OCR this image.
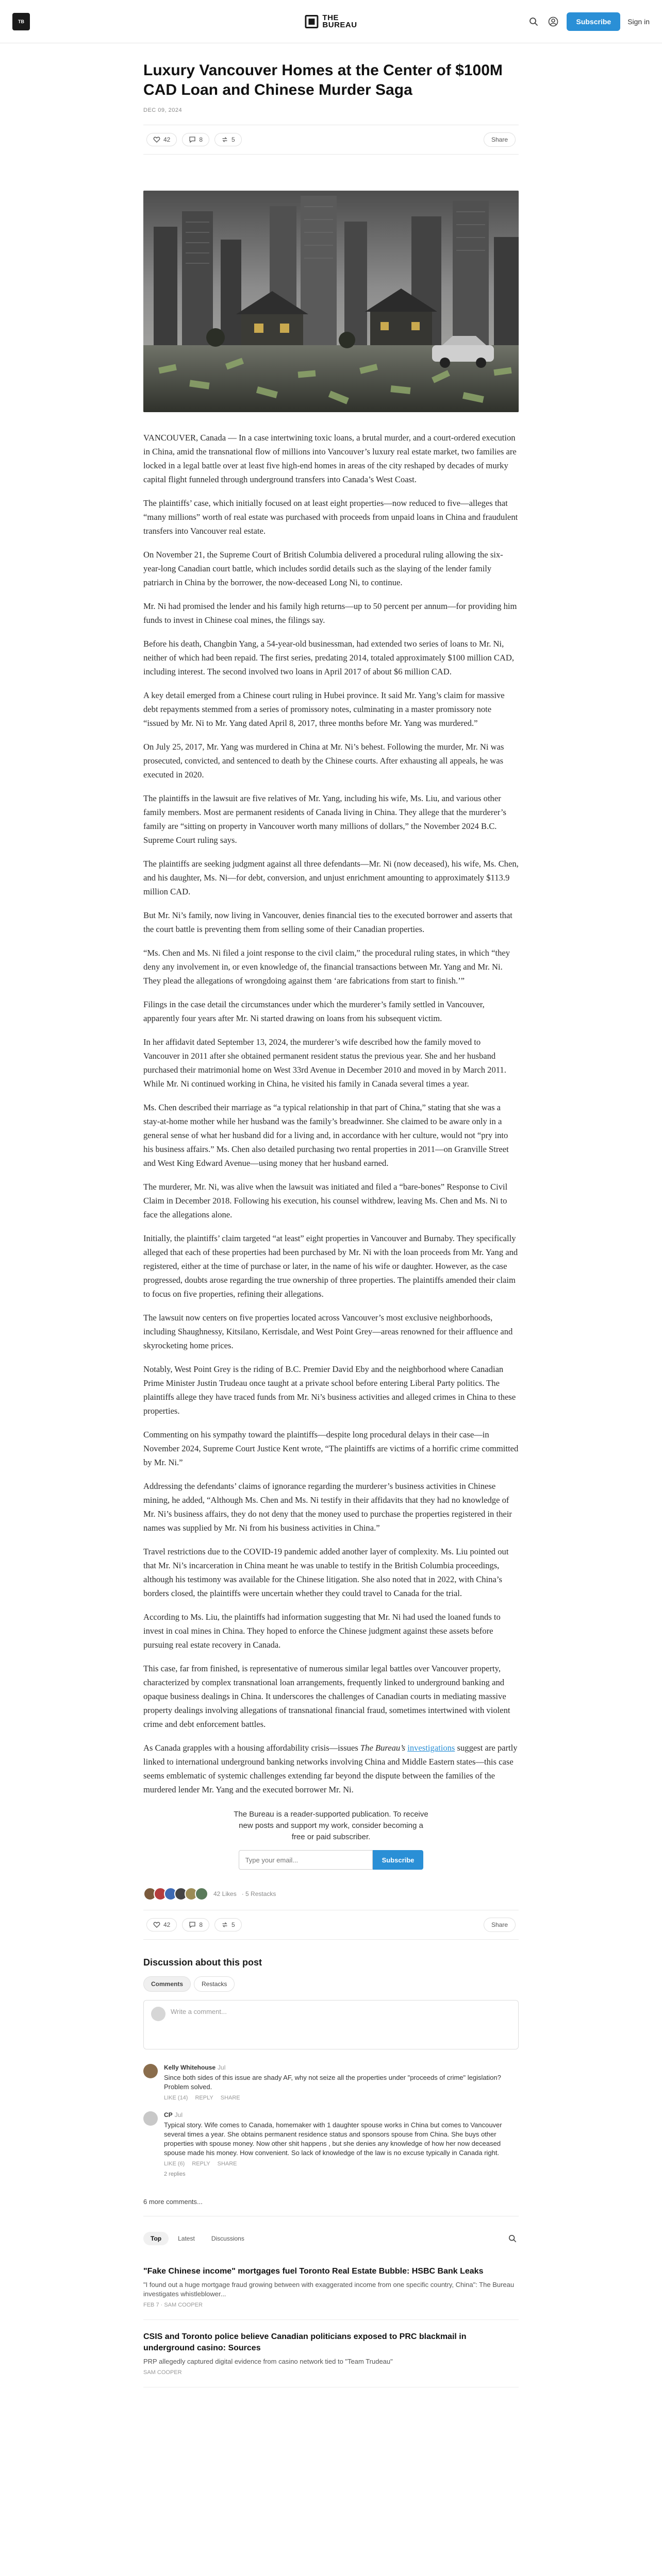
TB	THE
BUREAU	Subscribe	Sign in
Luxury Vancouver Homes at the Center of $100M CAD Loan and Chinese Murder Saga
DEC 09, 2024
42	8	5	Share

VANCOUVER, Canada — In a case intertwining toxic loans, a brutal murder, and a court-ordered execution in China, amid the transnational flow of millions into Vancouver’s luxury real estate market, two families are locked in a legal battle over at least five high-end homes in areas of the city reshaped by decades of murky capital flight funneled through underground transfers into Canada’s West Coast.

The plaintiffs’ case, which initially focused on at least eight properties—now reduced to five—alleges that “many millions” worth of real estate was purchased with proceeds from unpaid loans in China and fraudulent transfers into Vancouver real estate.

On November 21, the Supreme Court of British Columbia delivered a procedural ruling allowing the six-year-long Canadian court battle, which includes sordid details such as the slaying of the lender family patriarch in China by the borrower, the now-deceased Long Ni, to continue.

Mr. Ni had promised the lender and his family high returns—up to 50 percent per annum—for providing him funds to invest in Chinese coal mines, the filings say.

Before his death, Changbin Yang, a 54-year-old businessman, had extended two series of loans to Mr. Ni, neither of which had been repaid. The first series, predating 2014, totaled approximately $100 million CAD, including interest. The second involved two loans in April 2017 of about $6 million CAD.

A key detail emerged from a Chinese court ruling in Hubei province. It said Mr. Yang’s claim for massive debt repayments stemmed from a series of promissory notes, culminating in a master promissory note “issued by Mr. Ni to Mr. Yang dated April 8, 2017, three months before Mr. Yang was murdered.”

On July 25, 2017, Mr. Yang was murdered in China at Mr. Ni’s behest. Following the murder, Mr. Ni was prosecuted, convicted, and sentenced to death by the Chinese courts. After exhausting all appeals, he was executed in 2020.

The plaintiffs in the lawsuit are five relatives of Mr. Yang, including his wife, Ms. Liu, and various other family members. Most are permanent residents of Canada living in China. They allege that the murderer’s family are “sitting on property in Vancouver worth many millions of dollars,” the November 2024 B.C. Supreme Court ruling says.

The plaintiffs are seeking judgment against all three defendants—Mr. Ni (now deceased), his wife, Ms. Chen, and his daughter, Ms. Ni—for debt, conversion, and unjust enrichment amounting to approximately $113.9 million CAD.

But Mr. Ni’s family, now living in Vancouver, denies financial ties to the executed borrower and asserts that the court battle is preventing them from selling some of their Canadian properties.

“Ms. Chen and Ms. Ni filed a joint response to the civil claim,” the procedural ruling states, in which “they deny any involvement in, or even knowledge of, the financial transactions between Mr. Yang and Mr. Ni. They plead the allegations of wrongdoing against them ‘are fabrications from start to finish.’”

Filings in the case detail the circumstances under which the murderer’s family settled in Vancouver, apparently four years after Mr. Ni started drawing on loans from his subsequent victim.

In her affidavit dated September 13, 2024, the murderer’s wife described how the family moved to Vancouver in 2011 after she obtained permanent resident status the previous year. She and her husband purchased their matrimonial home on West 33rd Avenue in December 2010 and moved in by March 2011. While Mr. Ni continued working in China, he visited his family in Canada several times a year.

Ms. Chen described their marriage as “a typical relationship in that part of China,” stating that she was a stay-at-home mother while her husband was the family’s breadwinner. She claimed to be aware only in a general sense of what her husband did for a living and, in accordance with her culture, would not “pry into his business affairs.” Ms. Chen also detailed purchasing two rental properties in 2011—on Granville Street and West King Edward Avenue—using money that her husband earned.

The murderer, Mr. Ni, was alive when the lawsuit was initiated and filed a “bare-bones” Response to Civil Claim in December 2018. Following his execution, his counsel withdrew, leaving Ms. Chen and Ms. Ni to face the allegations alone.

Initially, the plaintiffs’ claim targeted “at least” eight properties in Vancouver and Burnaby. They specifically alleged that each of these properties had been purchased by Mr. Ni with the loan proceeds from Mr. Yang and registered, either at the time of purchase or later, in the name of his wife or daughter. However, as the case progressed, doubts arose regarding the true ownership of three properties. The plaintiffs amended their claim to focus on five properties, refining their allegations.

The lawsuit now centers on five properties located across Vancouver’s most exclusive neighborhoods, including Shaughnessy, Kitsilano, Kerrisdale, and West Point Grey—areas renowned for their affluence and skyrocketing home prices.

Notably, West Point Grey is the riding of B.C. Premier David Eby and the neighborhood where Canadian Prime Minister Justin Trudeau once taught at a private school before entering Liberal Party politics. The plaintiffs allege they have traced funds from Mr. Ni’s business activities and alleged crimes in China to these properties.

Commenting on his sympathy toward the plaintiffs—despite long procedural delays in their case—in November 2024, Supreme Court Justice Kent wrote, “The plaintiffs are victims of a horrific crime committed by Mr. Ni.”

Addressing the defendants’ claims of ignorance regarding the murderer’s business activities in Chinese mining, he added, “Although Ms. Chen and Ms. Ni testify in their affidavits that they had no knowledge of Mr. Ni’s business affairs, they do not deny that the money used to purchase the properties registered in their names was supplied by Mr. Ni from his business activities in China.”

Travel restrictions due to the COVID-19 pandemic added another layer of complexity. Ms. Liu pointed out that Mr. Ni’s incarceration in China meant he was unable to testify in the British Columbia proceedings, although his testimony was available for the Chinese litigation. She also noted that in 2022, with China’s borders closed, the plaintiffs were uncertain whether they could travel to Canada for the trial.

According to Ms. Liu, the plaintiffs had information suggesting that Mr. Ni had used the loaned funds to invest in coal mines in China. They hoped to enforce the Chinese judgment against these assets before pursuing real estate recovery in Canada.

This case, far from finished, is representative of numerous similar legal battles over Vancouver property, characterized by complex transnational loan arrangements, frequently linked to underground banking and opaque business dealings in China. It underscores the challenges of Canadian courts in mediating massive property dealings involving allegations of transnational financial fraud, sometimes intertwined with violent crime and debt enforcement battles.

As Canada grapples with a housing affordability crisis—issues The Bureau’s investigations suggest are partly linked to international underground banking networks involving China and Middle Eastern states—this case seems emblematic of systemic challenges extending far beyond the dispute between the families of the murdered lender Mr. Yang and the executed borrower Mr. Ni.

The Bureau is a reader-supported publication. To receive new posts and support my work, consider becoming a free or paid subscriber.
Type your email...
Subscribe
42 Likes · 5 Restacks
42	8	5	Share
Discussion about this post
Comments	Restacks
Write a comment...
Kelly Whitehouse Jul
Since both sides of this issue are shady AF, why not seize all the properties under "proceeds of crime" legislation? Problem solved.
LIKE (14) REPLY SHARE
CP Jul
Typical story. Wife comes to Canada, homemaker with 1 daughter spouse works in China but comes to Vancouver several times a year. She obtains permanent residence status and sponsors spouse from China. She buys other properties with spouse money. Now other shit happens , but she denies any knowledge of how her now deceased spouse made his money. How convenient. So lack of knowledge of the law is no excuse typically in Canada right.
LIKE (6) REPLY SHARE
2 replies
6 more comments...
Top	Latest	Discussions
"Fake Chinese income" mortgages fuel Toronto Real Estate Bubble: HSBC Bank Leaks
"I found out a huge mortgage fraud growing between with exaggerated income from one specific country, China": The Bureau investigates whistleblower...
FEB 7 · SAM COOPER
CSIS and Toronto police believe Canadian politicians exposed to PRC blackmail in underground casino: Sources
PRP allegedly captured digital evidence from casino network tied to "Team Trudeau"
SAM COOPER
